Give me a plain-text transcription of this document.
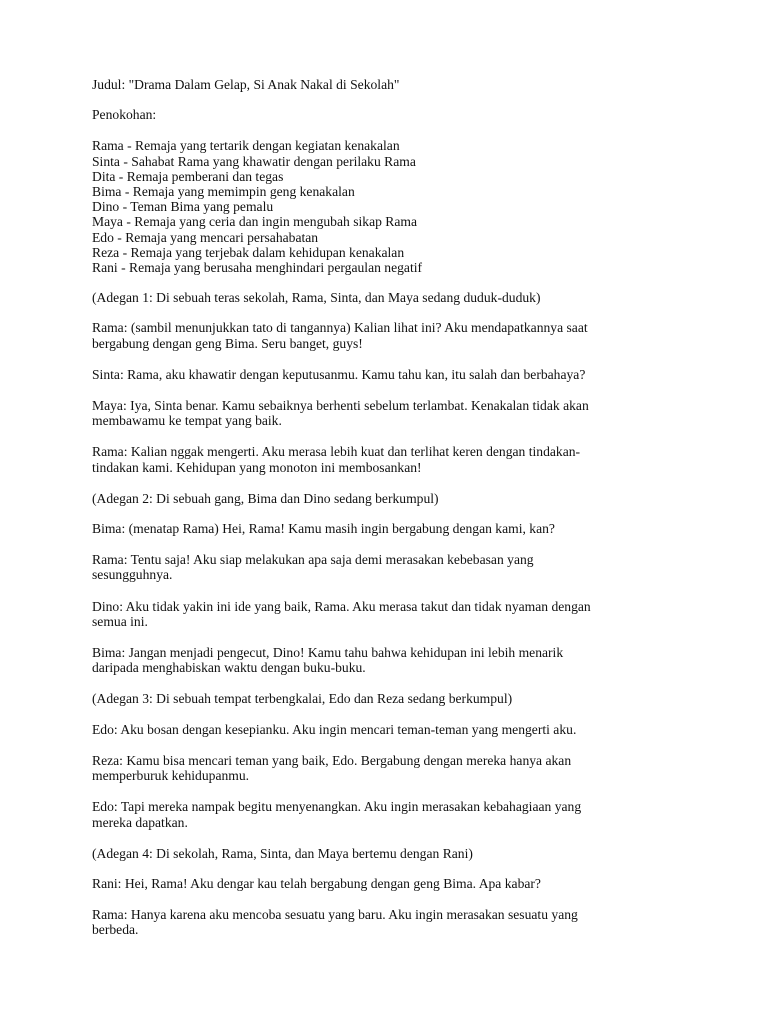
Judul: "Drama Dalam Gelap, Si Anak Nakal di Sekolah"

Penokohan:

Rama - Remaja yang tertarik dengan kegiatan kenakalan
Sinta - Sahabat Rama yang khawatir dengan perilaku Rama
Dita - Remaja pemberani dan tegas
Bima - Remaja yang memimpin geng kenakalan
Dino - Teman Bima yang pemalu
Maya - Remaja yang ceria dan ingin mengubah sikap Rama
Edo - Remaja yang mencari persahabatan
Reza - Remaja yang terjebak dalam kehidupan kenakalan
Rani - Remaja yang berusaha menghindari pergaulan negatif

(Adegan 1: Di sebuah teras sekolah, Rama, Sinta, dan Maya sedang duduk-duduk)

Rama: (sambil menunjukkan tato di tangannya) Kalian lihat ini? Aku mendapatkannya saat
bergabung dengan geng Bima. Seru banget, guys!

Sinta: Rama, aku khawatir dengan keputusanmu. Kamu tahu kan, itu salah dan berbahaya?

Maya: Iya, Sinta benar. Kamu sebaiknya berhenti sebelum terlambat. Kenakalan tidak akan
membawamu ke tempat yang baik.

Rama: Kalian nggak mengerti. Aku merasa lebih kuat dan terlihat keren dengan tindakan-
tindakan kami. Kehidupan yang monoton ini membosankan!

(Adegan 2: Di sebuah gang, Bima dan Dino sedang berkumpul)

Bima: (menatap Rama) Hei, Rama! Kamu masih ingin bergabung dengan kami, kan?

Rama: Tentu saja! Aku siap melakukan apa saja demi merasakan kebebasan yang
sesungguhnya.

Dino: Aku tidak yakin ini ide yang baik, Rama. Aku merasa takut dan tidak nyaman dengan
semua ini.

Bima: Jangan menjadi pengecut, Dino! Kamu tahu bahwa kehidupan ini lebih menarik
daripada menghabiskan waktu dengan buku-buku.

(Adegan 3: Di sebuah tempat terbengkalai, Edo dan Reza sedang berkumpul)

Edo: Aku bosan dengan kesepianku. Aku ingin mencari teman-teman yang mengerti aku.

Reza: Kamu bisa mencari teman yang baik, Edo. Bergabung dengan mereka hanya akan
memperburuk kehidupanmu.

Edo: Tapi mereka nampak begitu menyenangkan. Aku ingin merasakan kebahagiaan yang
mereka dapatkan.

(Adegan 4: Di sekolah, Rama, Sinta, dan Maya bertemu dengan Rani)

Rani: Hei, Rama! Aku dengar kau telah bergabung dengan geng Bima. Apa kabar?

Rama: Hanya karena aku mencoba sesuatu yang baru. Aku ingin merasakan sesuatu yang
berbeda.
